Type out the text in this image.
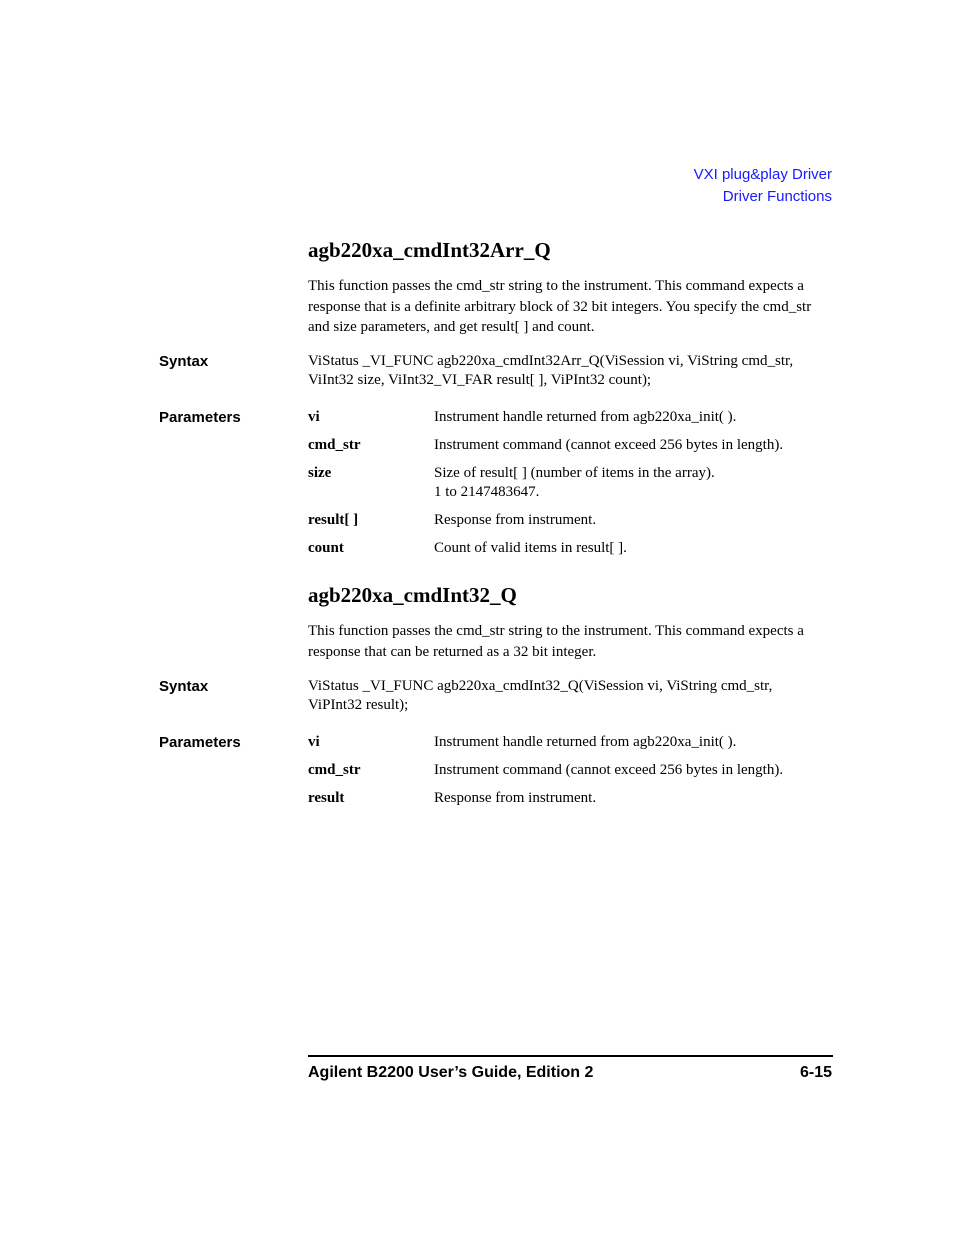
VXI plug&play Driver
Driver Functions
agb220xa_cmdInt32Arr_Q

This function passes the cmd_str string to the instrument. This command expects a response that is a definite arbitrary block of 32 bit integers. You specify the cmd_str and size parameters, and get result[ ] and count.

Syntax	ViStatus _VI_FUNC agb220xa_cmdInt32Arr_Q(ViSession vi, ViString cmd_str,
ViInt32 size, ViInt32_VI_FAR result[ ], ViPInt32 count);
Parameters	vi	Instrument handle returned from agb220xa_init( ).
cmd_str	Instrument command (cannot exceed 256 bytes in length).
size	Size of result[ ] (number of items in the array).
1 to 2147483647.
result[ ]	Response from instrument.
count	Count of valid items in result[ ].
agb220xa_cmdInt32_Q

This function passes the cmd_str string to the instrument. This command expects a response that can be returned as a 32 bit integer.

Syntax	ViStatus _VI_FUNC agb220xa_cmdInt32_Q(ViSession vi, ViString cmd_str,
ViPInt32 result);
Parameters	vi	Instrument handle returned from agb220xa_init( ).
cmd_str	Instrument command (cannot exceed 256 bytes in length).
result	Response from instrument.
Agilent B2200 User’s Guide, Edition 2	6-15
